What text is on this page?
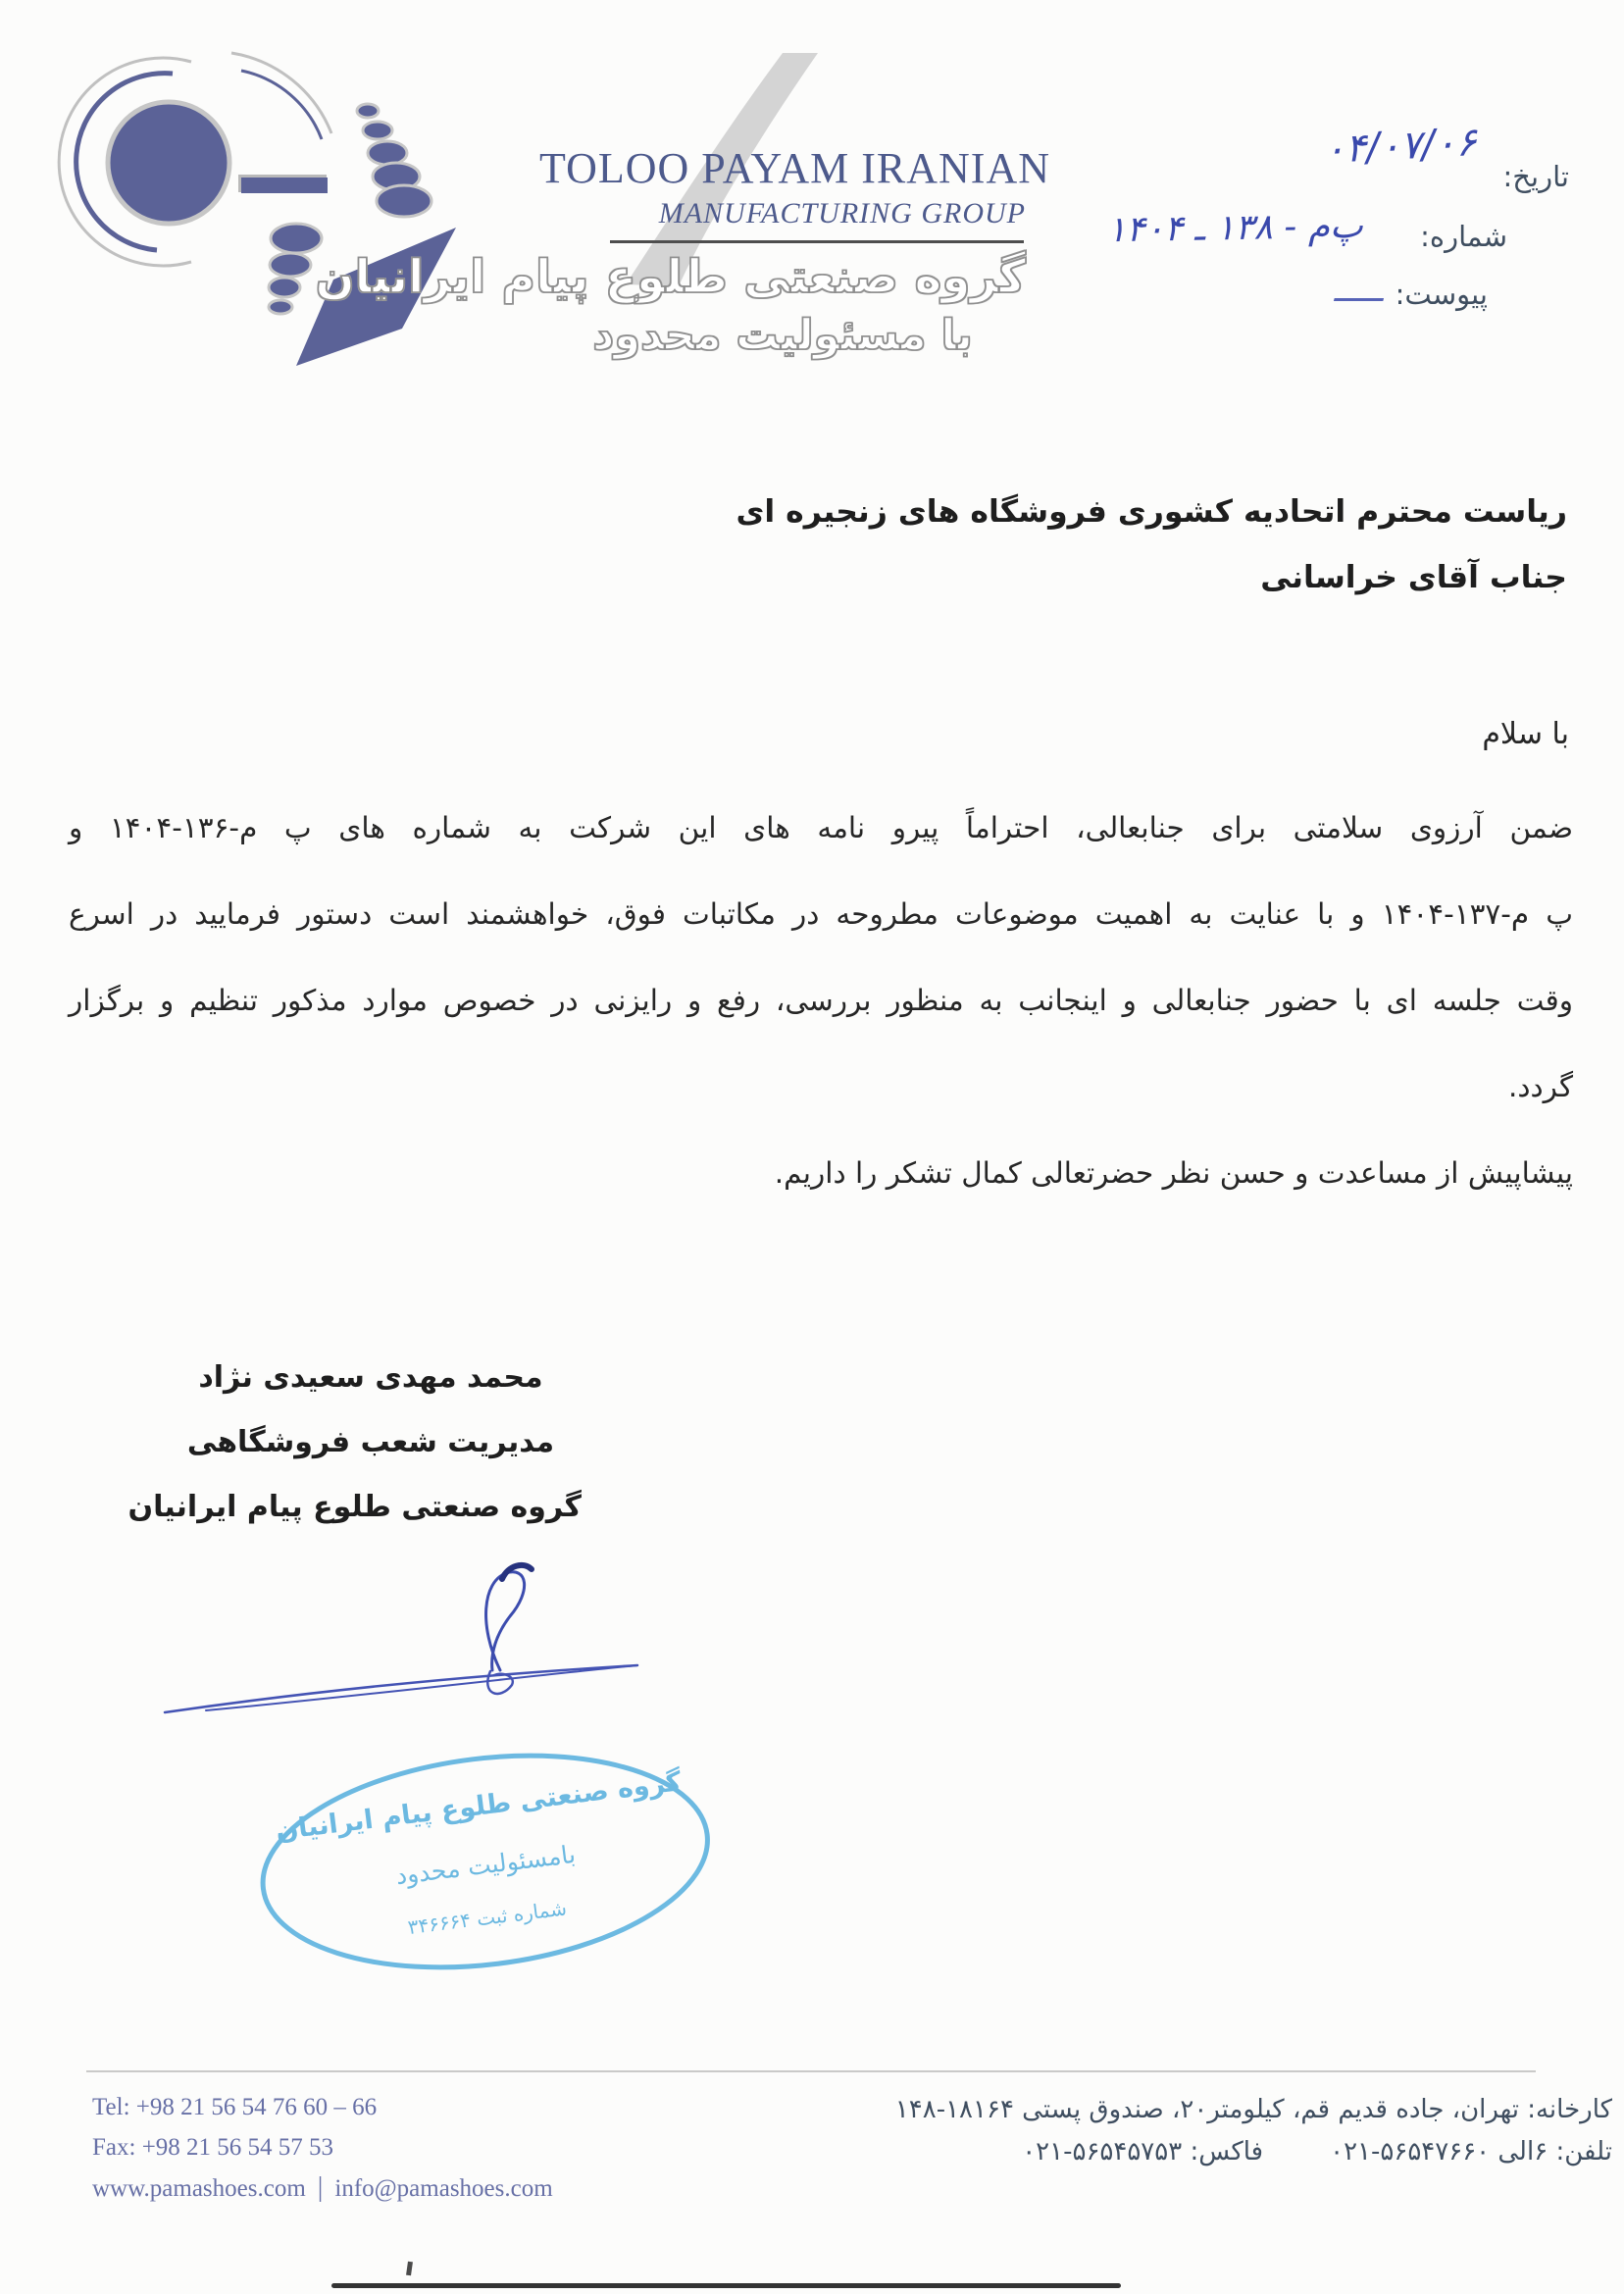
TOLOO PAYAM IRANIAN
MANUFACTURING GROUP
گروه صنعتی طلوع پیام ایرانیان
با مسئولیت محدود
تاریخ:
۰۴/۰۷/۰۶
شماره:
پ‌م - ۱۳۸ ـ ۱۴۰۴
پیوست:
ـــــ
ریاست محترم اتحادیه کشوری فروشگاه های زنجیره ای
جناب آقای خراسانی
با سلام
ضمن آرزوی سلامتی برای جنابعالی، احتراماً پیرو نامه های این شرکت به شماره های پ م-۱۳۶-۱۴۰۴ و
پ م-۱۳۷-۱۴۰۴ و با عنایت به اهمیت موضوعات مطروحه در مکاتبات فوق، خواهشمند است دستور فرمایید در اسرع
وقت جلسه ای با حضور جنابعالی و اینجانب به منظور بررسی، رفع و رایزنی در خصوص موارد مذکور تنظیم و برگزار
گردد.
پیشاپیش از مساعدت و حسن نظر حضرتعالی کمال تشکر را داریم.
محمد مهدی سعیدی نژاد
مدیریت شعب فروشگاهی
گروه صنعتی طلوع پیام ایرانیان
گروه صنعتی طلوع پیام ایرانیان
بامسئولیت محدود
شماره ثبت ۳۴۶۶۶۴
Tel: +98 21 56 54 76 60 – 66
Fax: +98 21 56 54 57 53
www.pamashoes.com | info@pamashoes.com
کارخانه: تهران، جاده قدیم قم، کیلومتر۲۰، صندوق پستی ۱۸۱۶۴-۱۴۸
تلفن: ۶الی ۵۶۵۴۷۶۶۰-۰۲۱فاکس: ۵۶۵۴۵۷۵۳-۰۲۱
